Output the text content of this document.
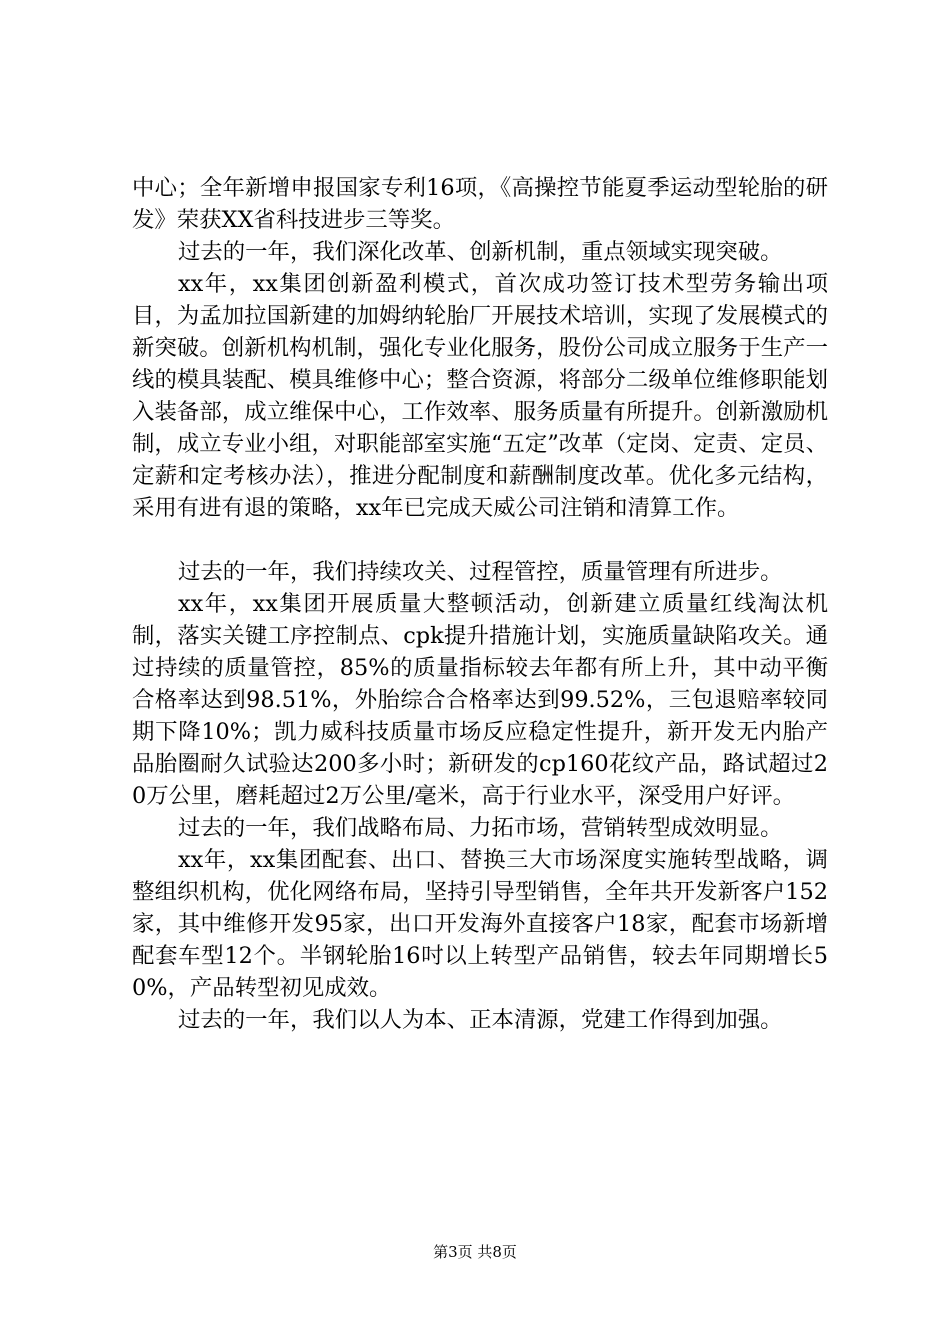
中心；全年新增申报国家专利16项，《高操控节能夏季运动型轮胎的研发》荣获XX省科技进步三等奖。

过去的一年，我们深化改革、创新机制，重点领域实现突破。

xx年，xx集团创新盈利模式，首次成功签订技术型劳务输出项目，为孟加拉国新建的加姆纳轮胎厂开展技术培训，实现了发展模式的新突破。创新机构机制，强化专业化服务，股份公司成立服务于生产一线的模具装配、模具维修中心；整合资源，将部分二级单位维修职能划入装备部，成立维保中心，工作效率、服务质量有所提升。创新激励机制，成立专业小组，对职能部室实施“五定”改革（定岗、定责、定员、定薪和定考核办法），推进分配制度和薪酬制度改革。优化多元结构，采用有进有退的策略，xx年已完成天威公司注销和清算工作。

过去的一年，我们持续攻关、过程管控，质量管理有所进步。

xx年，xx集团开展质量大整顿活动，创新建立质量红线淘汰机制，落实关键工序控制点、cpk提升措施计划，实施质量缺陷攻关。通过持续的质量管控，85%的质量指标较去年都有所上升，其中动平衡合格率达到98.51%，外胎综合合格率达到99.52%，三包退赔率较同期下降10%；凯力威科技质量市场反应稳定性提升，新开发无内胎产品胎圈耐久试验达200多小时；新研发的cp160花纹产品，路试超过20万公里，磨耗超过2万公里/毫米，高于行业水平，深受用户好评。

过去的一年，我们战略布局、力拓市场，营销转型成效明显。

xx年，xx集团配套、出口、替换三大市场深度实施转型战略，调整组织机构，优化网络布局，坚持引导型销售，全年共开发新客户152家，其中维修开发95家，出口开发海外直接客户18家，配套市场新增配套车型12个。半钢轮胎16吋以上转型产品销售，较去年同期增长50%，产品转型初见成效。

过去的一年，我们以人为本、正本清源，党建工作得到加强。

第3页 共8页
